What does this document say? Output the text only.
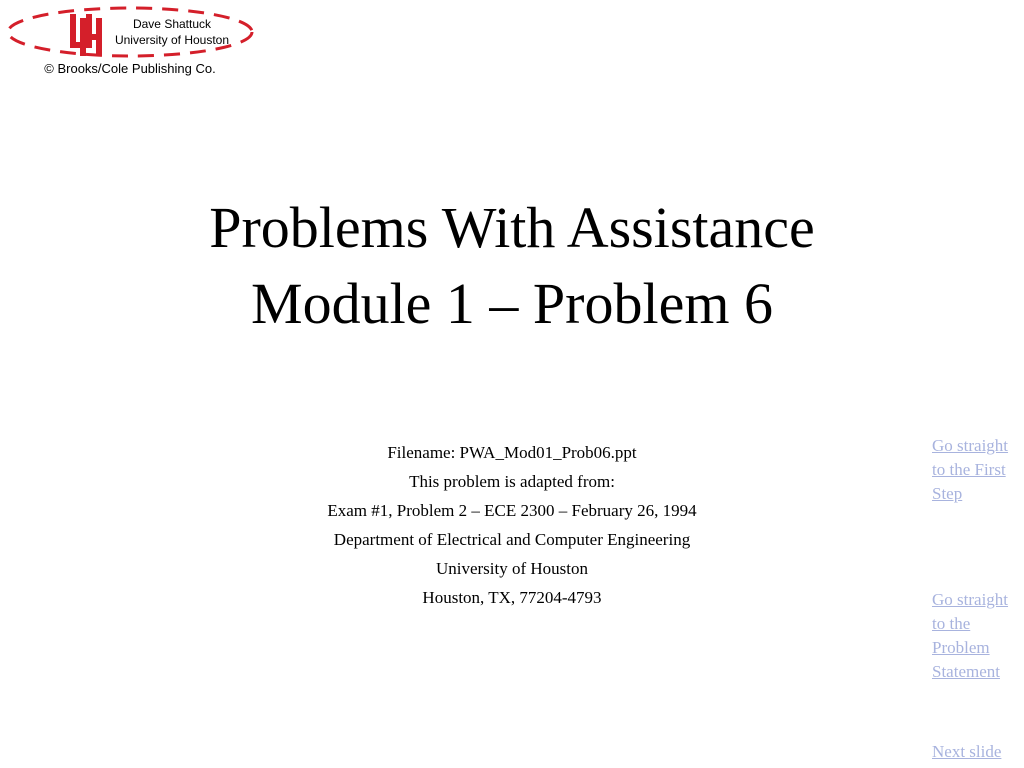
Dave Shattuck
University of Houston
© Brooks/Cole Publishing Co.
Problems With Assistance
Module 1 – Problem 6
Filename: PWA_Mod01_Prob06.ppt
This problem is adapted from:
Exam #1, Problem 2 – ECE 2300 – February 26, 1994
Department of Electrical and Computer Engineering
University of Houston
Houston, TX, 77204-4793
Go straight to the First Step
Go straight to the Problem Statement
Next slide
